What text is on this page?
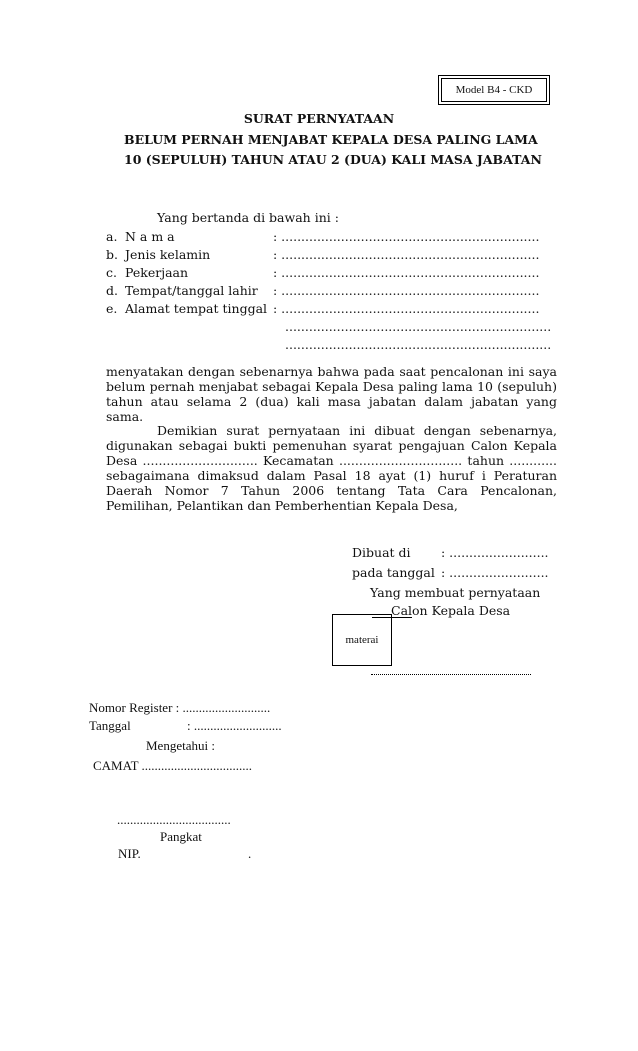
Model B4 - CKD
SURAT PERNYATAAN
BELUM PERNAH MENJABAT KEPALA DESA PALING LAMA
10 (SEPULUH) TAHUN ATAU 2 (DUA) KALI MASA JABATAN
Yang bertanda di bawah ini :
a. N a m a	: .................................................................
b. Jenis kelamin	: .................................................................
c. Pekerjaan	: .................................................................
d. Tempat/tanggal lahir : .................................................................
e. Alamat tempat tinggal : .................................................................
...................................................................
...................................................................
menyatakan dengan sebenarnya bahwa pada saat pencalonan ini saya
belum pernah menjabat sebagai Kepala Desa paling lama 10 (sepuluh)
tahun atau selama 2 (dua) kali masa jabatan dalam jabatan yang sama.
Demikian surat pernyataan ini dibuat dengan sebenarnya,
digunakan sebagai bukti pemenuhan syarat pengajuan Calon Kepala
Desa ............................. Kecamatan ............................... tahun ............
sebagaimana dimaksud dalam Pasal 18 ayat (1) huruf i Peraturan
Daerah Nomor 7 Tahun 2006 tentang Tata Cara Pencalonan,
Pemilihan, Pelantikan dan Pemberhentian Kepala Desa,
Dibuat di : .........................
pada tanggal : .........................
Yang membuat pernyataan
Calon Kepala Desa
materai
Nomor Register : ...........................
Tanggal	: ...........................
Mengetahui :
CAMAT ..................................
...................................
Pangkat
NIP.	.
